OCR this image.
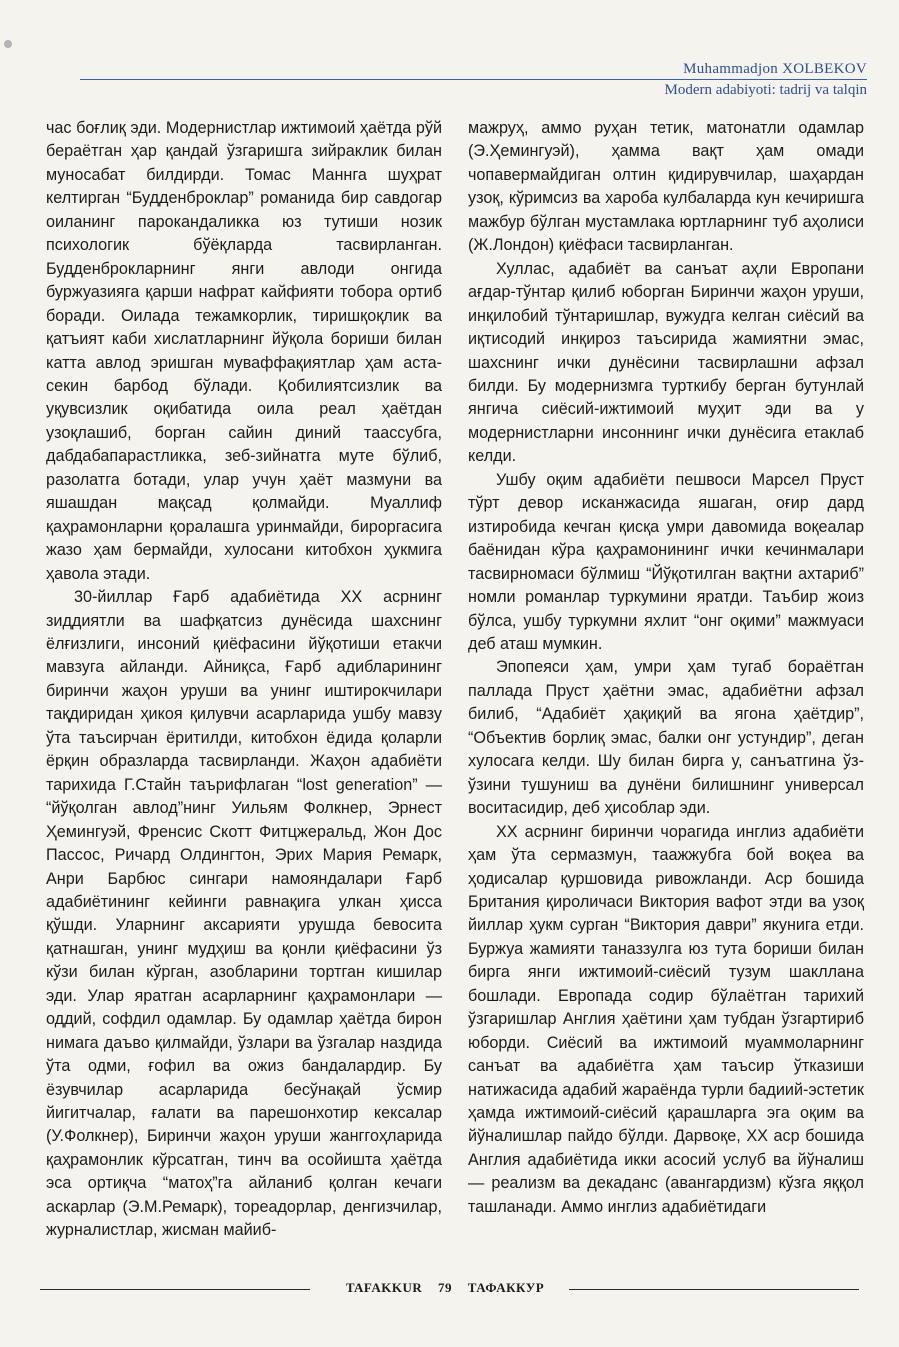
Muhammadjon XOLBEKOV
Modern adabiyoti: tadrij va talqin

час боғлиқ эди. Модернистлар ижтимоий ҳаётда рўй бераётган ҳар қандай ўзгаришга зийраклик билан муносабат билдирди. Томас Маннга шуҳрат келтирган “Будденброклар” романида бир савдогар оиланинг парокандаликка юз тутиши нозик психологик бўёқларда тасвирланган. Будденброкларнинг янги авлоди онгида буржуазияга қарши нафрат кайфияти тобора ортиб боради. Оилада тежамкорлик, тиришқоқлик ва қатъият каби хислатларнинг йўқола бориши билан катта авлод эришган муваффақиятлар ҳам аста-секин барбод бўлади. Қобилиятсизлик ва уқувсизлик оқибатида оила реал ҳаётдан узоқлашиб, борган сайин диний таассубга, дабдабапарастликка, зеб-зийнатга муте бўлиб, разолатга ботади, улар учун ҳаёт мазмуни ва яшашдан мақсад қолмайди. Муаллиф қаҳрамонларни қоралашга уринмайди, бироргасига жазо ҳам бермайди, хулосани китобхон ҳукмига ҳавола этади.

30-йиллар Ғарб адабиётида XX асрнинг зиддиятли ва шафқатсиз дунёсида шахснинг ёлғизлиги, инсоний қиёфасини йўқотиши етакчи мавзуга айланди. Айниқса, Ғарб адибларининг биринчи жаҳон уруши ва унинг иштирокчилари тақдиридан ҳикоя қилувчи асарларида ушбу мавзу ўта таъсирчан ёритилди, китобхон ёдида қоларли ёрқин образларда тасвирланди. Жаҳон адабиёти тарихида Г.Стайн таърифлаган “lost generation” — “йўқолган авлод”нинг Уильям Фолкнер, Эрнест Ҳемингуэй, Френсис Скотт Фитцжеральд, Жон Дос Пассос, Ричард Олдингтон, Эрих Мария Ремарк, Анри Барбюс сингари намояндалари Ғарб адабиётининг кейинги равнақига улкан ҳисса қўшди. Уларнинг аксарияти урушда бевосита қатнашган, унинг мудҳиш ва қонли қиёфасини ўз кўзи билан кўрган, азобларини тортган кишилар эди. Улар яратган асарларнинг қаҳрамонлари — оддий, софдил одамлар. Бу одамлар ҳаётда бирон нимага даъво қилмайди, ўзлари ва ўзгалар наздида ўта одми, ғофил ва ожиз бандалардир. Бу ёзувчилар асарларида бесўнақай ўсмир йигитчалар, ғалати ва парешонхотир кексалар (У.Фолкнер), Биринчи жаҳон уруши жанггоҳларида қаҳрамонлик кўрсатган, тинч ва осойишта ҳаётда эса ортиқча “матоҳ”га айланиб қолган кечаги аскарлар (Э.М.Ремарк), тореадорлар, денгизчилар, журналистлар, жисман майиб-

мажруҳ, аммо руҳан тетик, матонатли одамлар (Э.Ҳемингуэй), ҳамма вақт ҳам омади чопавермайдиган олтин қидирувчилар, шаҳардан узоқ, кўримсиз ва хароба кулбаларда кун кечиришга мажбур бўлган мустамлака юртларнинг туб аҳолиси (Ж.Лондон) қиёфаси тасвирланган.

Хуллас, адабиёт ва санъат аҳли Европани ағдар-тўнтар қилиб юборган Биринчи жаҳон уруши, инқилобий тўнтаришлар, вужудга келган сиёсий ва иқтисодий инқироз таъсирида жамиятни эмас, шахснинг ички дунёсини тасвирлашни афзал билди. Бу модернизмга турткибу берган бутунлай янгича сиёсий-ижтимоий муҳит эди ва у модернистларни инсоннинг ички дунёсига етаклаб келди.

Ушбу оқим адабиёти пешвоси Марсел Пруст тўрт девор исканжасида яшаган, оғир дард изтиробида кечган қисқа умри давомида воқеалар баёнидан кўра қаҳрамонининг ички кечинмалари тасвирномаси бўлмиш “Йўқотилган вақтни ахтариб” номли романлар туркумини яратди. Таъбир жоиз бўлса, ушбу туркумни яхлит “онг оқими” мажмуаси деб аташ мумкин.

Эпопеяси ҳам, умри ҳам тугаб бораётган паллада Пруст ҳаётни эмас, адабиётни афзал билиб, “Адабиёт ҳақиқий ва ягона ҳаётдир”, “Объектив борлиқ эмас, балки онг устундир”, деган хулосага келди. Шу билан бирга у, санъатгина ўз-ўзини тушуниш ва дунёни билишнинг универсал воситасидир, деб ҳисоблар эди.

XX асрнинг биринчи чорагида инглиз адабиёти ҳам ўта сермазмун, таажжубга бой воқеа ва ҳодисалар қуршовида ривожланди. Аср бошида Британия қироличаси Виктория вафот этди ва узоқ йиллар ҳукм сурган “Виктория даври” якунига етди. Буржуа жамияти таназзулга юз тута бориши билан бирга янги ижтимоий-сиёсий тузум шаклланa бошлади. Европада содир бўлаётган тарихий ўзгаришлар Англия ҳаётини ҳам тубдан ўзгартириб юборди. Сиёсий ва ижтимоий муаммоларнинг санъат ва адабиётга ҳам таъсир ўтказиши натижасида адабий жараёнда турли бадиий-эстетик ҳамда ижтимоий-сиёсий қарашларга эга оқим ва йўналишлар пайдо бўлди. Дарвоқе, XX аср бошида Англия адабиётида икки асосий услуб ва йўналиш — реализм ва декаданс (авангардизм) кўзга яққол ташланади. Аммо инглиз адабиётидаги

TAFAKKUR 79 ТАФАККУР
